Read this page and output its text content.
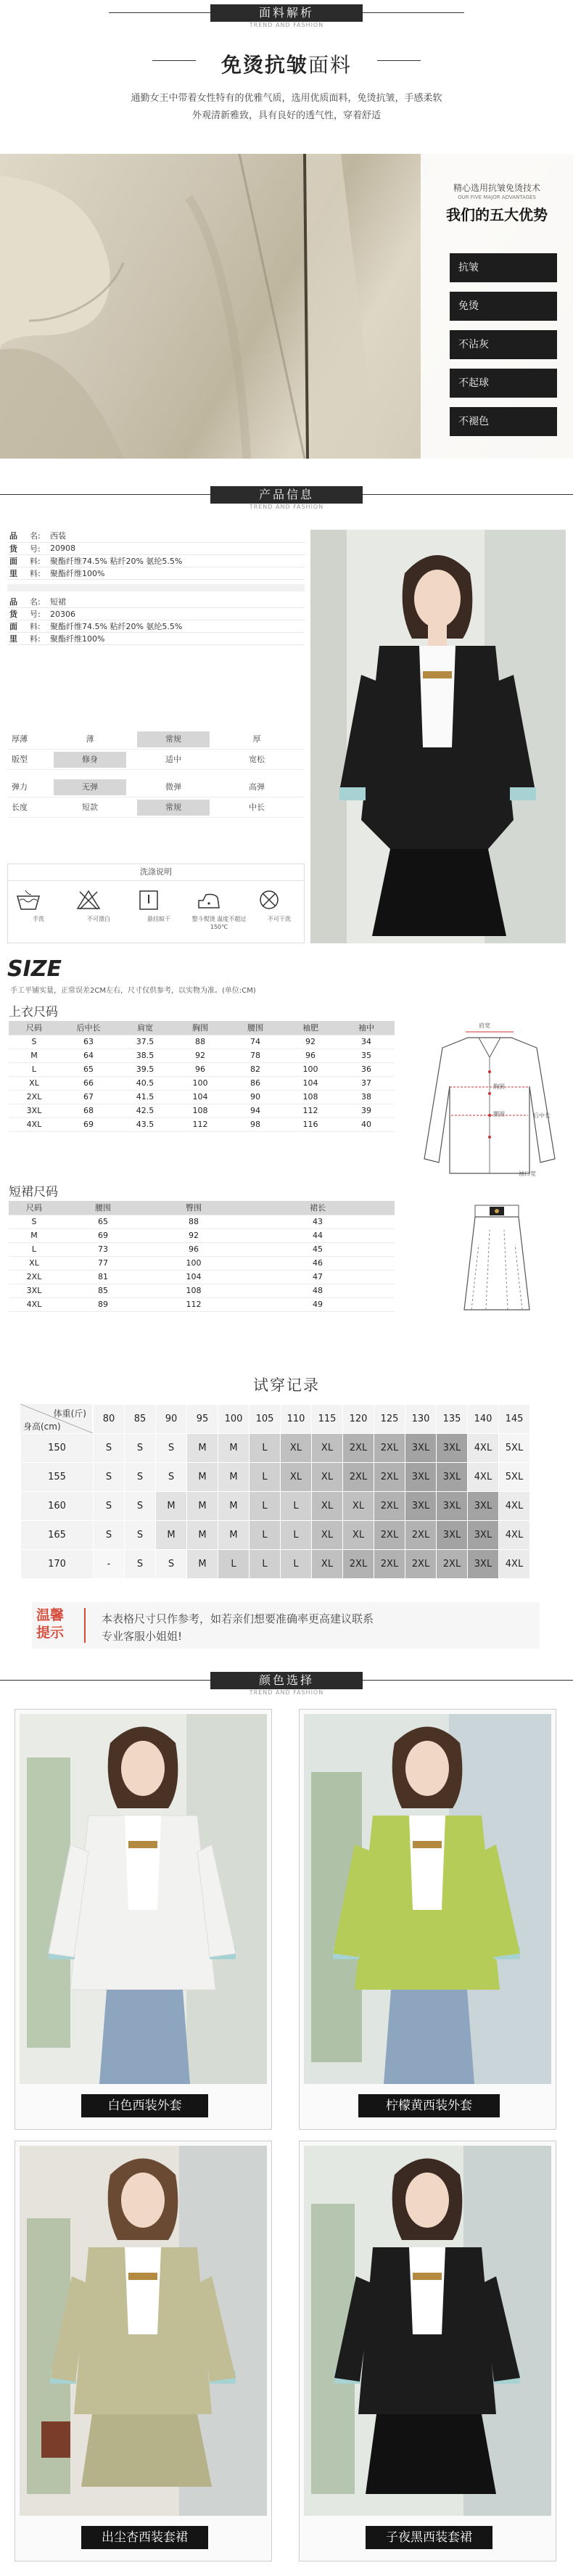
面料解析
TREND AND FASHION
免烫抗皱面料
通勤女王中带着女性特有的优雅气质，选用优质面料，免烫抗皱，手感柔软
外观清新雅致，具有良好的透气性，穿着舒适
精心选用抗皱免烫技术
OUR FIVE MAJOR ADVANTAGES
我们的五大优势
抗皱
免烫
不沾灰
不起球
不褪色
产品信息
TREND AND FASHION
品	名:	西装
货	号:	20908
面	料:	聚酯纤维74.5% 粘纤20% 氨纶5.5%
里	料:	聚酯纤维100%
品	名:	短裙
货	号:	20306
面	料:	聚酯纤维74.5% 粘纤20% 氨纶5.5%
里	料:	聚酯纤维100%
厚薄	薄	常规	厚
版型	修身	适中	宽松
弹力	无弹	微弹	高弹
长度	短款	常规	中长
洗涤说明
手洗	不可漂白	悬挂晾干	整斗熨烫 温度不超过150℃
不可干洗
SIZE
手工平铺实量，正常误差2CM左右，尺寸仅供参考，以实物为准。(单位:CM)
上衣尺码
尺码	后中长	肩宽	胸围	腰围	袖肥	袖中
S	63	37.5	88	74	92	34
M	64	38.5	92	78	96	35
L	65	39.5	96	82	100	36
XL	66	40.5	100	86	104	37
2XL	67	41.5	104	90	108	38
3XL	68	42.5	108	94	112	39
4XL	69	43.5	112	98	116	40
短裙尺码
尺码	腰围	臀围	裙长
S	65	88	43
M	69	92	44
L	73	96	45
XL	77	100	46
2XL	81	104	47
3XL	85	108	48
4XL	89	112	49
肩宽
胸围
腰围	后中长
袖口宽
试穿记录
体重(斤)
身高(cm)
80	85	90	95	100	105	110	115	120	125	130	135	140	145
150	S	S	S	M	M	L	XL	XL	2XL	2XL	3XL	3XL	4XL	5XL
155	S	S	S	M	M	L	XL	XL	2XL	2XL	3XL	3XL	4XL	5XL
160	S	S	M	M	M	L	L	XL	XL	2XL	3XL	3XL	3XL	4XL
165	S	S	M	M	M	L	L	XL	XL	2XL	2XL	3XL	3XL	4XL
170	-	S	S	M	L	L	L	XL	2XL	2XL	2XL	2XL	3XL	4XL
温馨
提示
本表格尺寸只作参考，如若亲们想要准确率更高建议联系
专业客服小姐姐!
颜色选择
TREND AND FASHION
白色西装外套	柠檬黄西装外套
出尘杏西装套裙	子夜黑西装套裙
